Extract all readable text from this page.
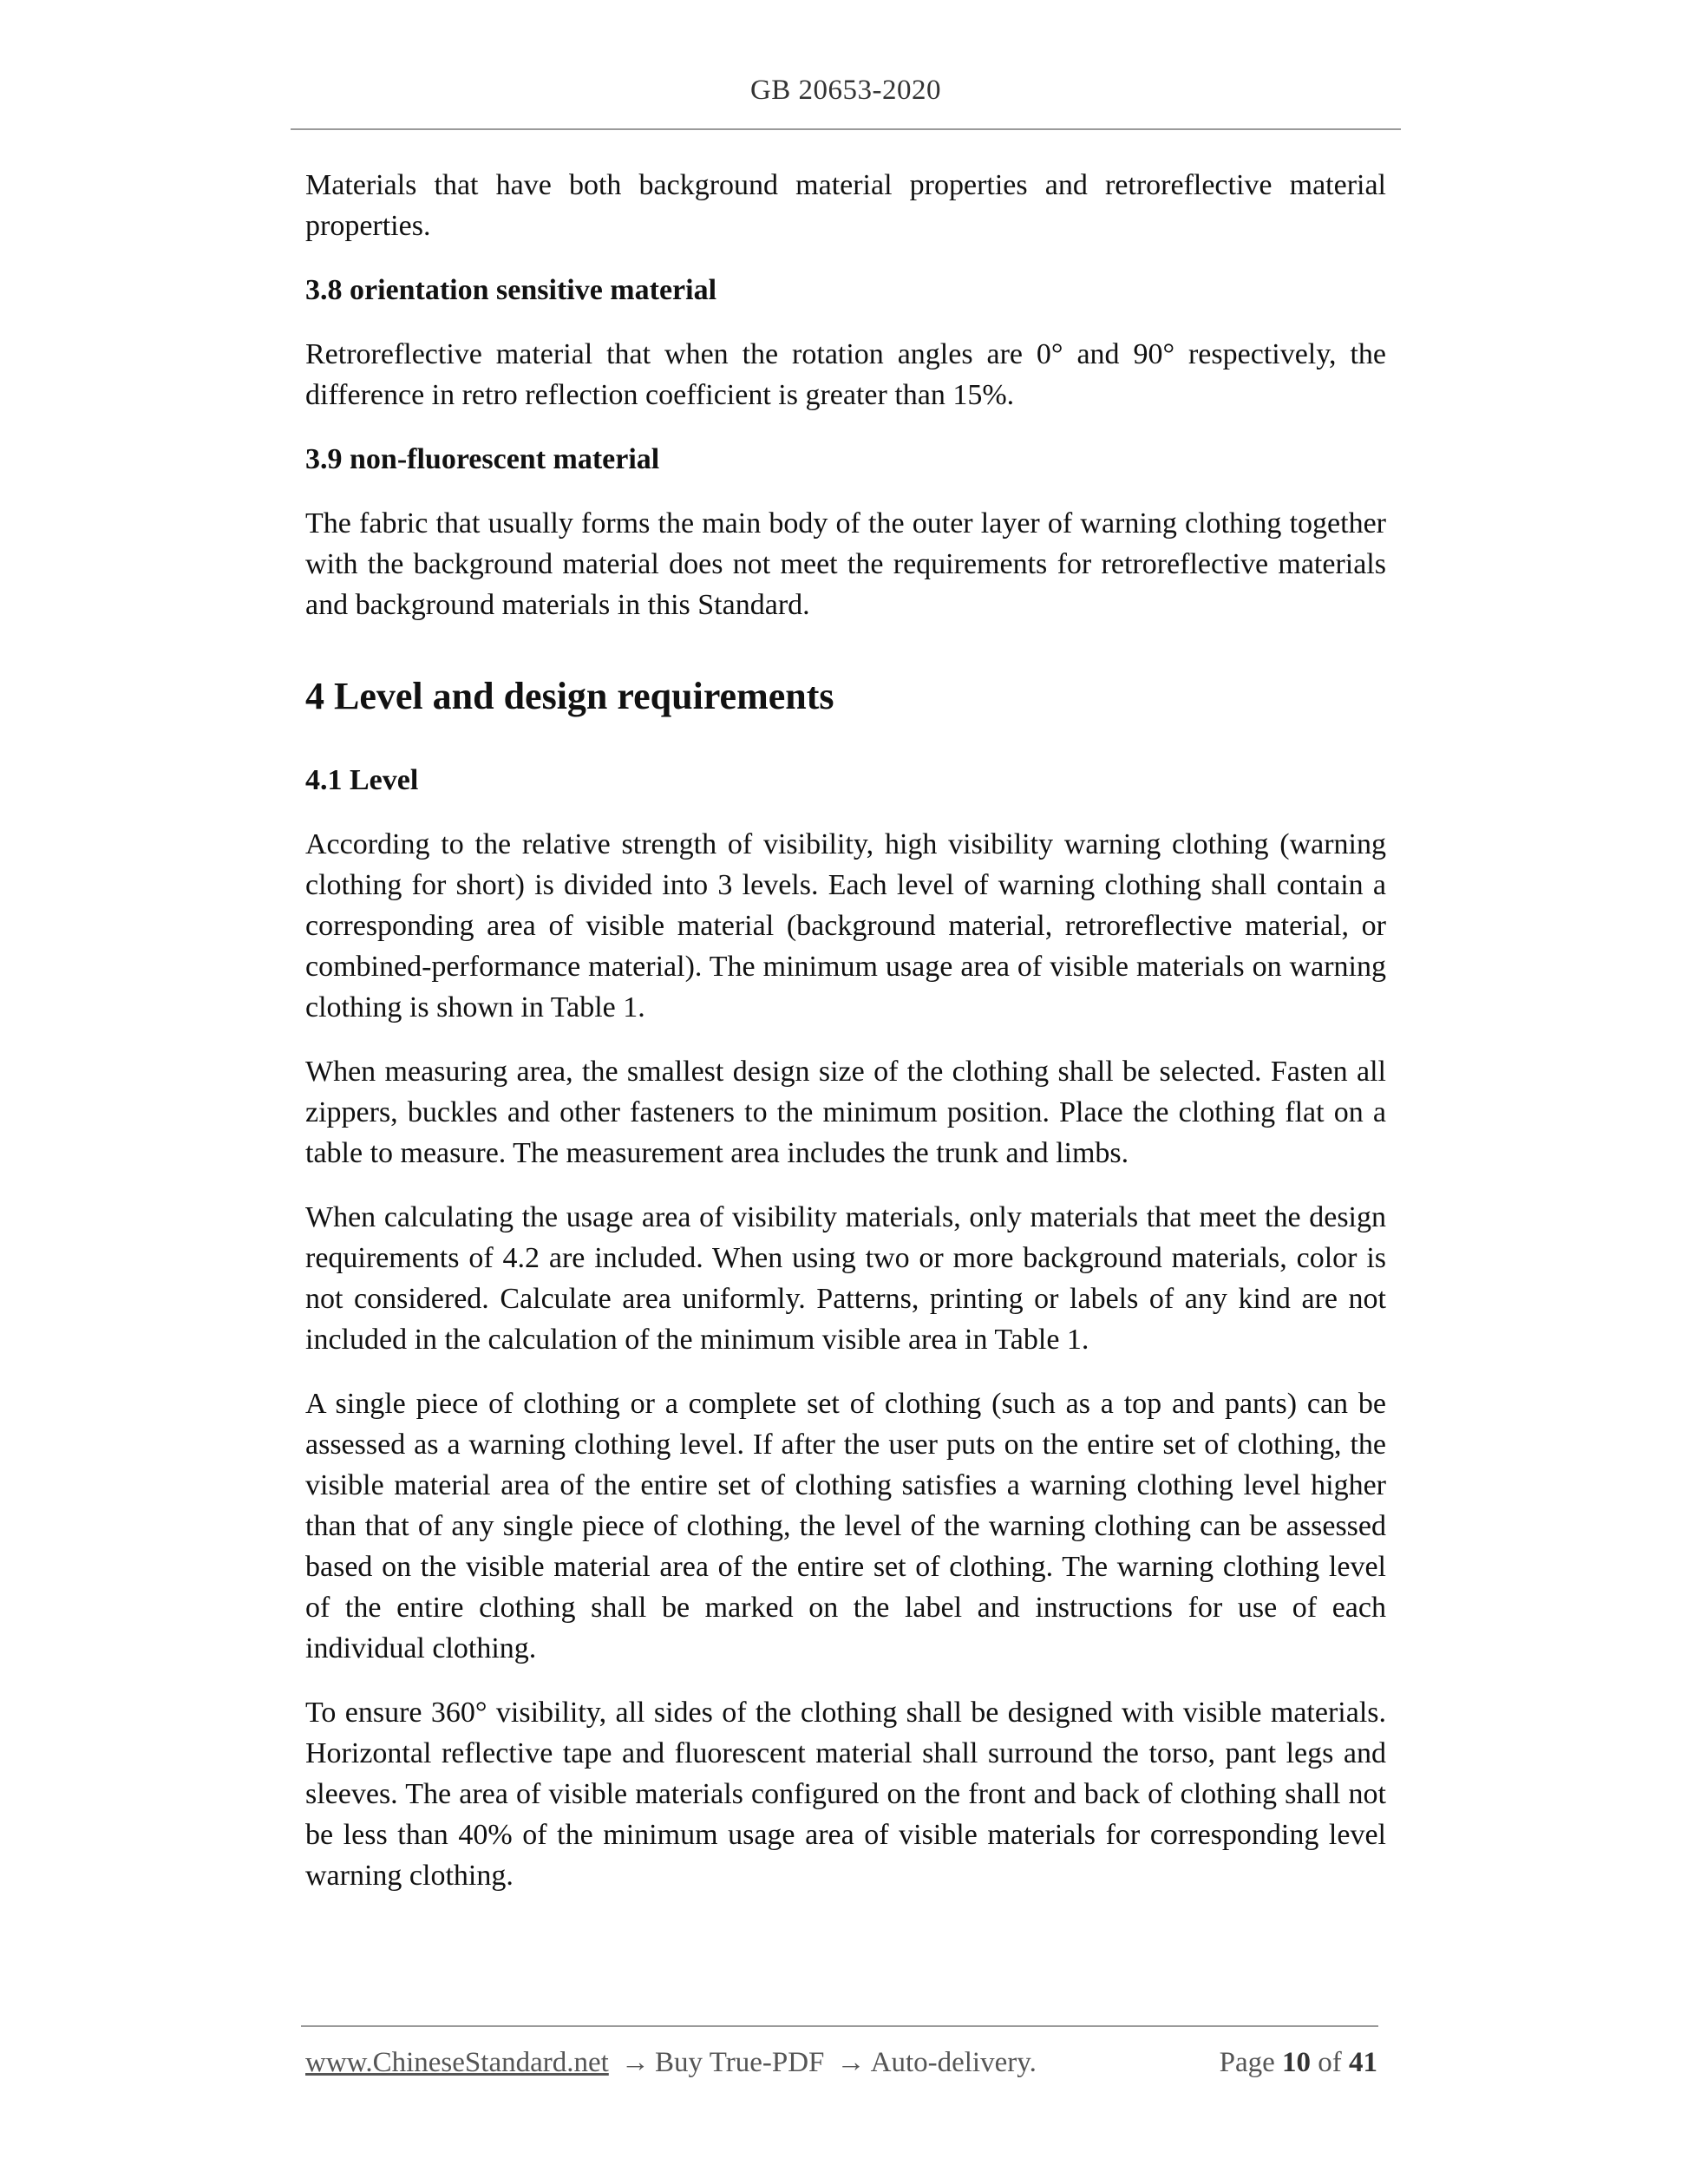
GB 20653-2020

Materials that have both background material properties and retroreflective material properties.

3.8 orientation sensitive material

Retroreflective material that when the rotation angles are 0° and 90° respectively, the difference in retro reflection coefficient is greater than 15%.

3.9 non-fluorescent material

The fabric that usually forms the main body of the outer layer of warning clothing together with the background material does not meet the requirements for retroreflective materials and background materials in this Standard.

4 Level and design requirements
4.1 Level

According to the relative strength of visibility, high visibility warning clothing (warning clothing for short) is divided into 3 levels. Each level of warning clothing shall contain a corresponding area of visible material (background material, retroreflective material, or combined-performance material). The minimum usage area of visible materials on warning clothing is shown in Table 1.

When measuring area, the smallest design size of the clothing shall be selected. Fasten all zippers, buckles and other fasteners to the minimum position. Place the clothing flat on a table to measure. The measurement area includes the trunk and limbs.

When calculating the usage area of visibility materials, only materials that meet the design requirements of 4.2 are included. When using two or more background materials, color is not considered. Calculate area uniformly. Patterns, printing or labels of any kind are not included in the calculation of the minimum visible area in Table 1.

A single piece of clothing or a complete set of clothing (such as a top and pants) can be assessed as a warning clothing level. If after the user puts on the entire set of clothing, the visible material area of the entire set of clothing satisfies a warning clothing level higher than that of any single piece of clothing, the level of the warning clothing can be assessed based on the visible material area of the entire set of clothing. The warning clothing level of the entire clothing shall be marked on the label and instructions for use of each individual clothing.

To ensure 360° visibility, all sides of the clothing shall be designed with visible materials. Horizontal reflective tape and fluorescent material shall surround the torso, pant legs and sleeves. The area of visible materials configured on the front and back of clothing shall not be less than 40% of the minimum usage area of visible materials for corresponding level warning clothing.

www.ChineseStandard.net → Buy True-PDF → Auto-delivery.	Page 10 of 41
